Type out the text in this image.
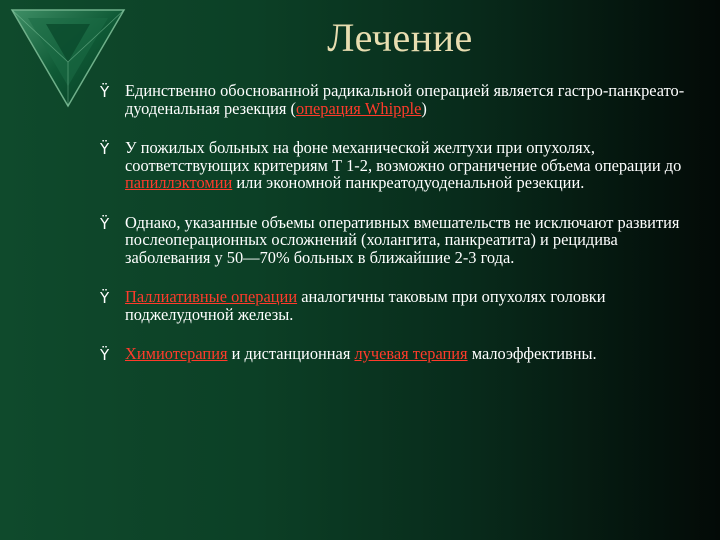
Лечение
Ÿ Единственно обоснованной радикальной операцией является гастро-панкреато-дуоденальная резекция (операция Whipple)
Ÿ У пожилых больных на фоне механической желтухи при опухолях, соответствующих критериям Т 1-2, возможно ограничение объема операции до папиллэктомии или экономной панкреатодуоденальной резекции.
Ÿ Однако, указанные объемы оперативных вмешательств не исключают развития послеоперационных осложнений (холангита, панкреатита) и рецидива заболевания у 50—70% больных в ближайшие 2-3 года.
Ÿ Паллиативные операции аналогичны таковым при опухолях головки поджелудочной железы.
Ÿ Химиотерапия и дистанционная лучевая терапия малоэффективны.
